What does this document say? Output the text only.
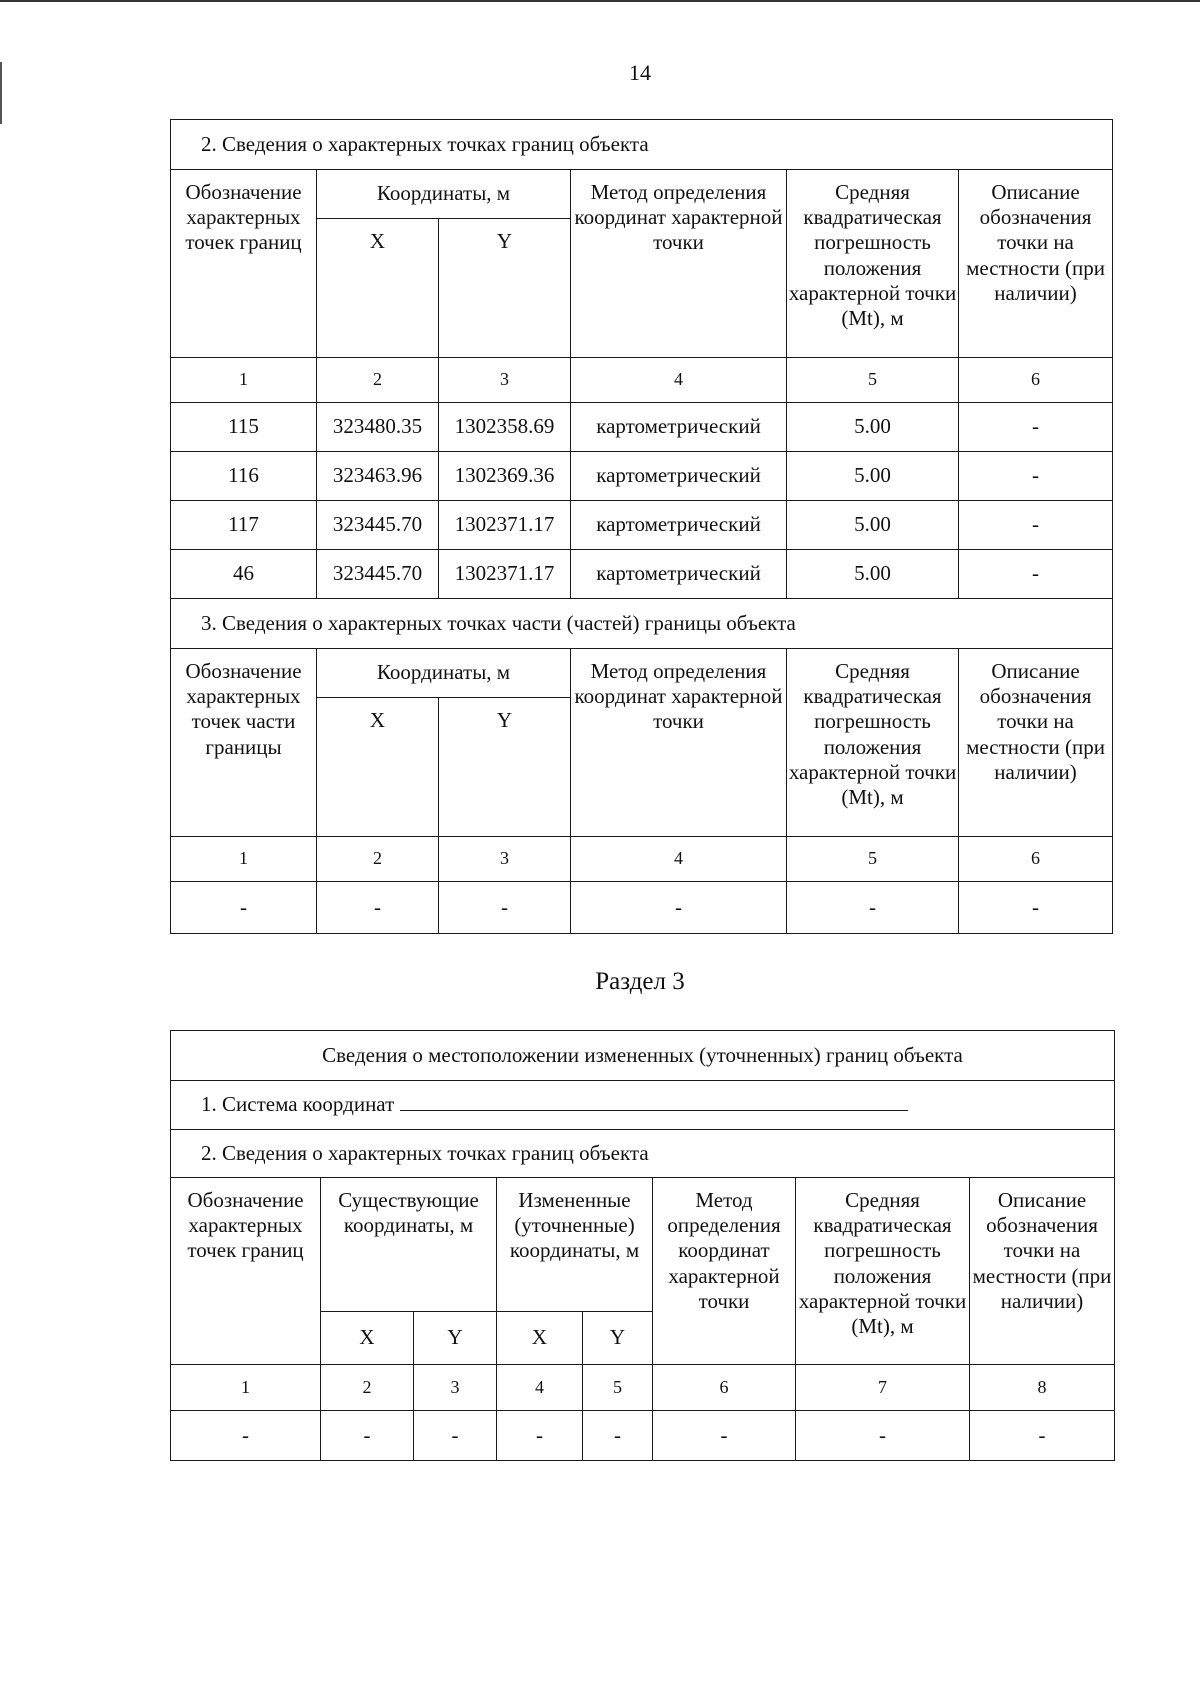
14
2. Сведения о характерных точках границ объекта					
Обозначение характерных точек границ	Координаты, м		Метод определения координат характерной точки	Средняя квадратическая погрешность положения характерной точки (Mt), м	Описание обозначения точки на местности (при наличии)
	X	Y			
1	2	3	4	5	6
115	323480.35	1302358.69	картометрический	5.00	-
116	323463.96	1302369.36	картометрический	5.00	-
117	323445.70	1302371.17	картометрический	5.00	-
46	323445.70	1302371.17	картометрический	5.00	-
3. Сведения о характерных точках части (частей) границы объекта					
Обозначение характерных точек части границы	Координаты, м		Метод определения координат характерной точки	Средняя квадратическая погрешность положения характерной точки (Mt), м	Описание обозначения точки на местности (при наличии)
	X	Y			
1	2	3	4	5	6
-	-	-	-	-	-
Раздел 3
Сведения о местоположении измененных (уточненных) границ объекта							
1. Система координат							
2. Сведения о характерных точках границ объекта							
Обозначение характерных точек границ	Существующие координаты, м		Измененные (уточненные) координаты, м		Метод определения координат характерной точки	Средняя квадратическая погрешность положения характерной точки (Mt), м	Описание обозначения точки на местности (при наличии)
	X	Y	X	Y			
1	2	3	4	5	6	7	8
-	-	-	-	-	-	-	-
